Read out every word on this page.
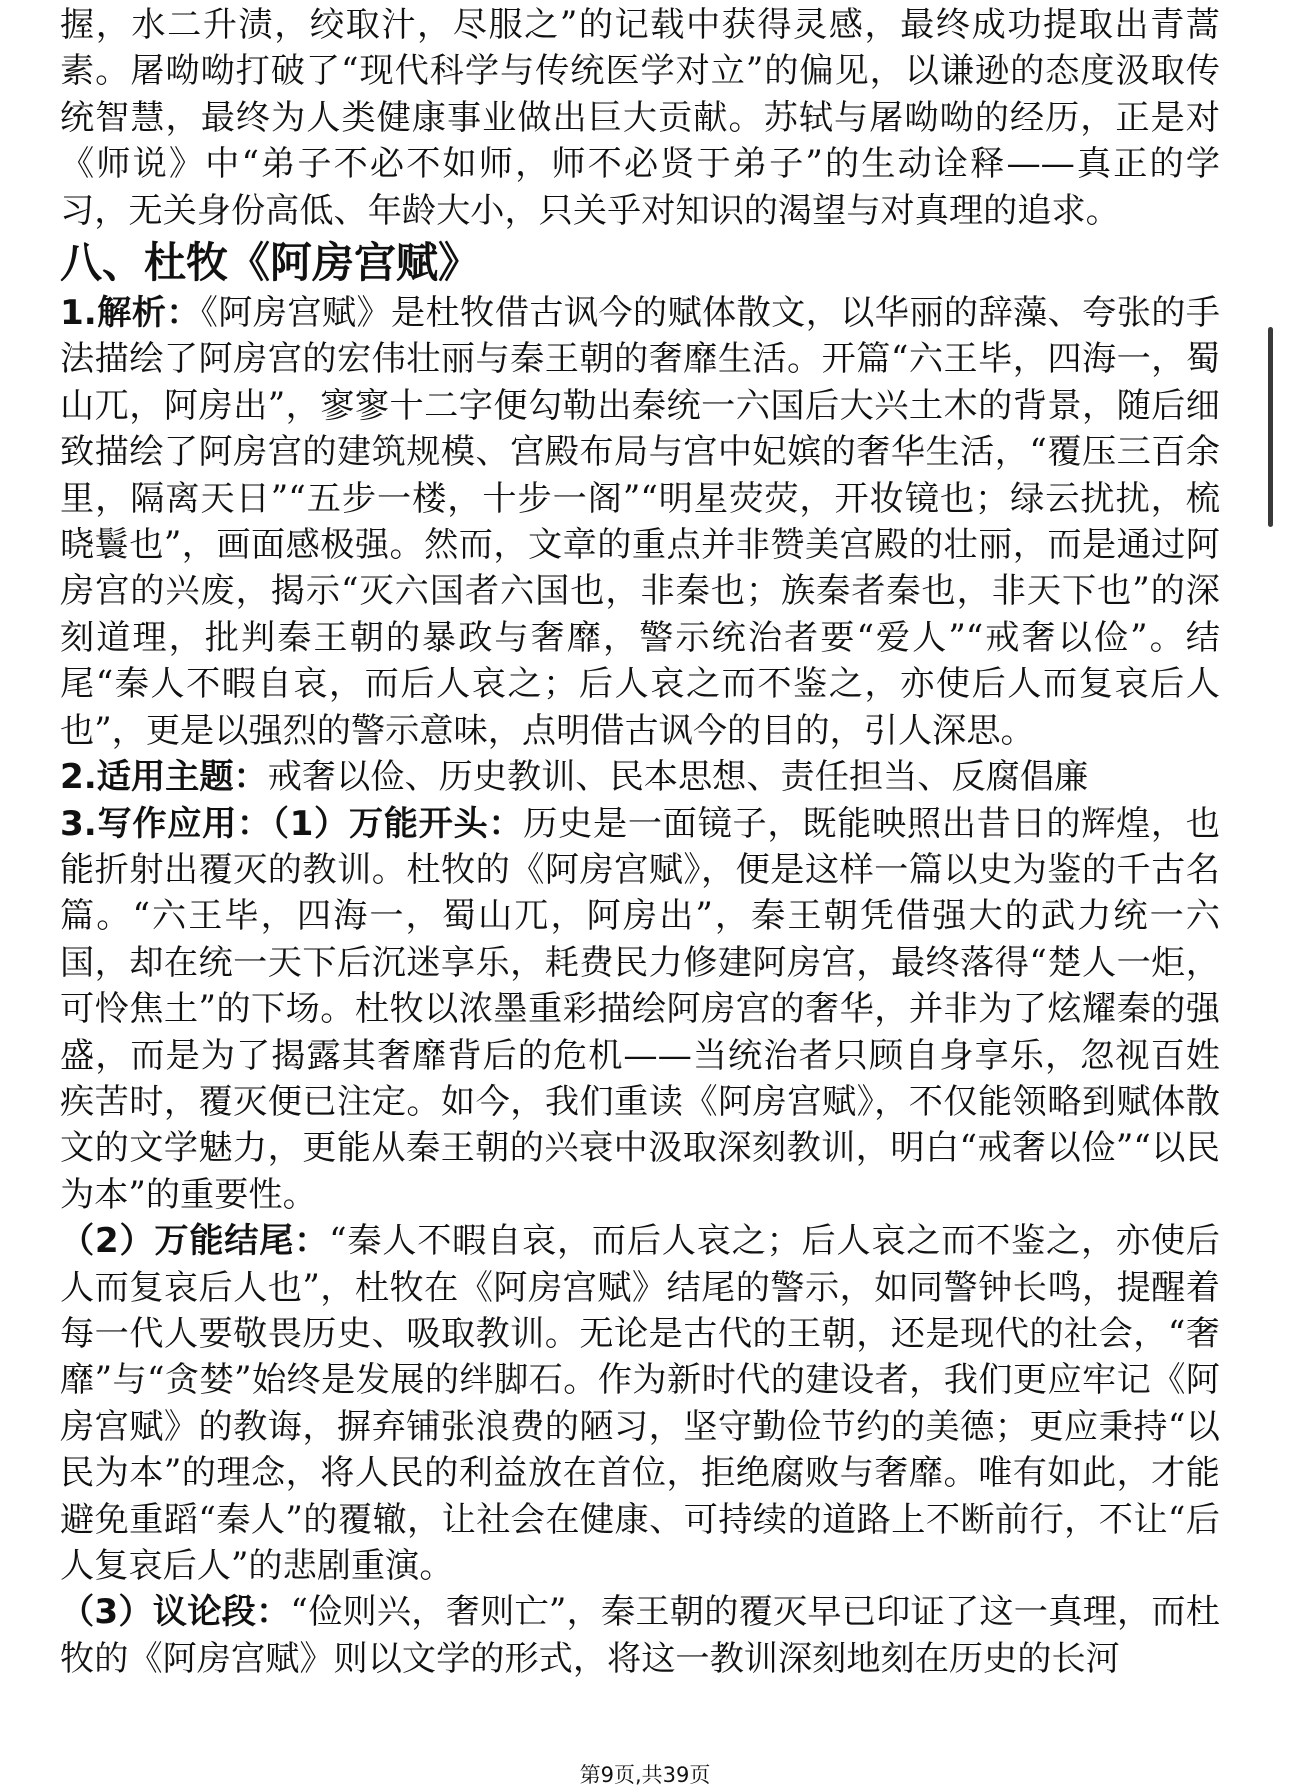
握，水二升渍，绞取汁，尽服之”的记载中获得灵感，最终成功提取出青蒿素。屠呦呦打破了“现代科学与传统医学对立”的偏见，以谦逊的态度汲取传统智慧，最终为人类健康事业做出巨大贡献。苏轼与屠呦呦的经历，正是对《师说》中“弟子不必不如师，师不必贤于弟子”的生动诠释——真正的学习，无关身份高低、年龄大小，只关乎对知识的渴望与对真理的追求。

八、杜牧《阿房宫赋》

1.解析：《阿房宫赋》是杜牧借古讽今的赋体散文，以华丽的辞藻、夸张的手法描绘了阿房宫的宏伟壮丽与秦王朝的奢靡生活。开篇“六王毕，四海一，蜀山兀，阿房出”，寥寥十二字便勾勒出秦统一六国后大兴土木的背景，随后细致描绘了阿房宫的建筑规模、宫殿布局与宫中妃嫔的奢华生活，“覆压三百余里，隔离天日”“五步一楼，十步一阁”“明星荧荧，开妆镜也；绿云扰扰，梳晓鬟也”，画面感极强。然而，文章的重点并非赞美宫殿的壮丽，而是通过阿房宫的兴废，揭示“灭六国者六国也，非秦也；族秦者秦也，非天下也”的深刻道理，批判秦王朝的暴政与奢靡，警示统治者要“爱人”“戒奢以俭”。结尾“秦人不暇自哀，而后人哀之；后人哀之而不鉴之，亦使后人而复哀后人也”，更是以强烈的警示意味，点明借古讽今的目的，引人深思。

2.适用主题：戒奢以俭、历史教训、民本思想、责任担当、反腐倡廉

3.写作应用：（1）万能开头：历史是一面镜子，既能映照出昔日的辉煌，也能折射出覆灭的教训。杜牧的《阿房宫赋》，便是这样一篇以史为鉴的千古名篇。“六王毕，四海一，蜀山兀，阿房出”，秦王朝凭借强大的武力统一六国，却在统一天下后沉迷享乐，耗费民力修建阿房宫，最终落得“楚人一炬，可怜焦土”的下场。杜牧以浓墨重彩描绘阿房宫的奢华，并非为了炫耀秦的强盛，而是为了揭露其奢靡背后的危机——当统治者只顾自身享乐，忽视百姓疾苦时，覆灭便已注定。如今，我们重读《阿房宫赋》，不仅能领略到赋体散文的文学魅力，更能从秦王朝的兴衰中汲取深刻教训，明白“戒奢以俭”“以民为本”的重要性。

（2）万能结尾：“秦人不暇自哀，而后人哀之；后人哀之而不鉴之，亦使后人而复哀后人也”，杜牧在《阿房宫赋》结尾的警示，如同警钟长鸣，提醒着每一代人要敬畏历史、吸取教训。无论是古代的王朝，还是现代的社会，“奢靡”与“贪婪”始终是发展的绊脚石。作为新时代的建设者，我们更应牢记《阿房宫赋》的教诲，摒弃铺张浪费的陋习，坚守勤俭节约的美德；更应秉持“以民为本”的理念，将人民的利益放在首位，拒绝腐败与奢靡。唯有如此，才能避免重蹈“秦人”的覆辙，让社会在健康、可持续的道路上不断前行，不让“后人复哀后人”的悲剧重演。

（3）议论段：“俭则兴，奢则亡”，秦王朝的覆灭早已印证了这一真理，而杜牧的《阿房宫赋》则以文学的形式，将这一教训深刻地刻在历史的长河

第9页,共39页
